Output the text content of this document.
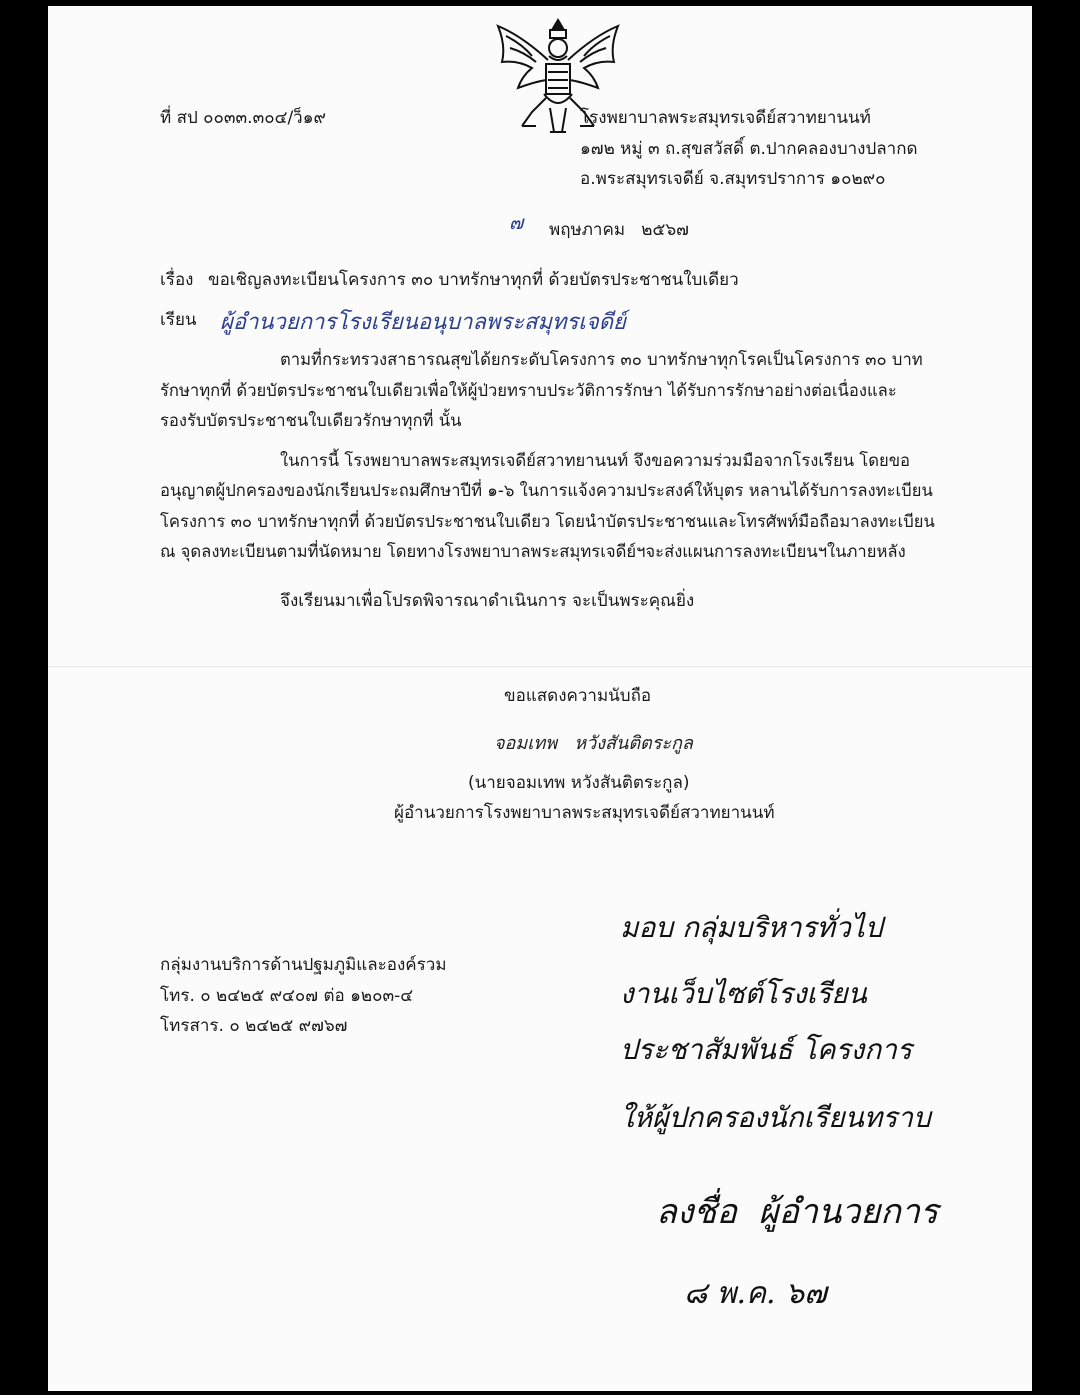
ที่ สป ๐๐๓๓.๓๐๔/ว็๑๙	โรงพยาบาลพระสมุทรเจดีย์สวาทยานนท์
๑๗๒ หมู่ ๓ ถ.สุขสวัสดิ์ ต.ปากคลองบางปลากด
อ.พระสมุทรเจดีย์ จ.สมุทรปราการ ๑๐๒๙๐
๗ พฤษภาคม   ๒๕๖๗
เรื่อง ขอเชิญลงทะเบียนโครงการ ๓๐ บาทรักษาทุกที่ ด้วยบัตรประชาชนใบเดียว
เรียน ผู้อำนวยการโรงเรียนอนุบาลพระสมุทรเจดีย์
ตามที่กระทรวงสาธารณสุขได้ยกระดับโครงการ ๓๐ บาทรักษาทุกโรคเป็นโครงการ ๓๐ บาท
รักษาทุกที่ ด้วยบัตรประชาชนใบเดียวเพื่อให้ผู้ป่วยทราบประวัติการรักษา ได้รับการรักษาอย่างต่อเนื่องและ
รองรับบัตรประชาชนใบเดียวรักษาทุกที่ นั้น
ในการนี้ โรงพยาบาลพระสมุทรเจดีย์สวาทยานนท์ จึงขอความร่วมมือจากโรงเรียน โดยขอ
อนุญาตผู้ปกครองของนักเรียนประถมศึกษาปีที่ ๑-๖ ในการแจ้งความประสงค์ให้บุตร หลานได้รับการลงทะเบียน
โครงการ ๓๐ บาทรักษาทุกที่ ด้วยบัตรประชาชนใบเดียว โดยนำบัตรประชาชนและโทรศัพท์มือถือมาลงทะเบียน
ณ จุดลงทะเบียนตามที่นัดหมาย โดยทางโรงพยาบาลพระสมุทรเจดีย์ฯจะส่งแผนการลงทะเบียนฯในภายหลัง
จึงเรียนมาเพื่อโปรดพิจารณาดำเนินการ จะเป็นพระคุณยิ่ง
ขอแสดงความนับถือ
จอมเทพ   หวังสันติตระกูล
(นายจอมเทพ หวังสันติตระกูล)
ผู้อำนวยการโรงพยาบาลพระสมุทรเจดีย์สวาทยานนท์
กลุ่มงานบริการด้านปฐมภูมิและองค์รวม
โทร. ๐ ๒๔๒๕ ๙๔๐๗ ต่อ ๑๒๐๓-๔
โทรสาร. ๐ ๒๔๒๕ ๙๗๖๗
มอบ กลุ่มบริหารทั่วไป
งานเว็บไซต์โรงเรียน
ประชาสัมพันธ์ โครงการ
ให้ผู้ปกครองนักเรียนทราบ
ลงชื่อ  ผู้อำนวยการ
๘ พ.ค. ๖๗
